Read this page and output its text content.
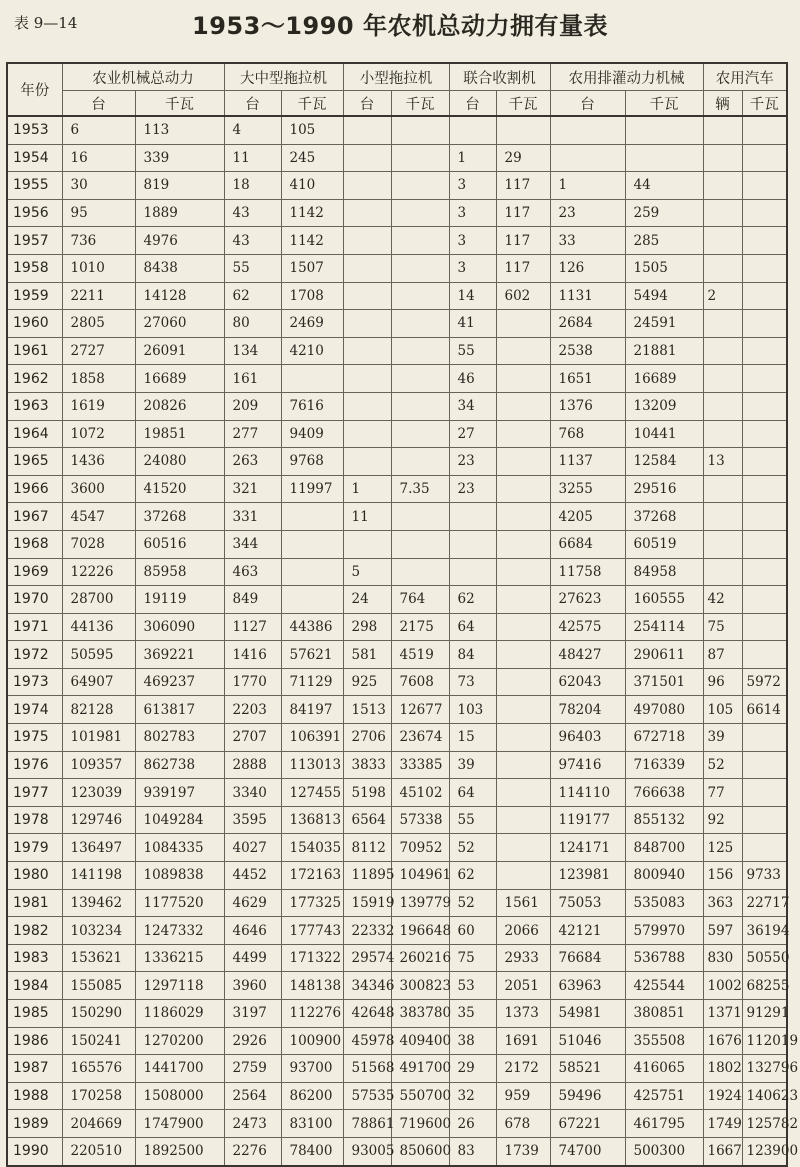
表 9—14	1953～1990 年农机总动力拥有量表
年份	农业机械总动力		大中型拖拉机		小型拖拉机		联合收割机		农用排灌动力机械		农用汽车	
	台	千瓦	台	千瓦	台	千瓦	台	千瓦	台	千瓦	辆	千瓦
1953	6	113	4	105								
1954	16	339	11	245			1	29				
1955	30	819	18	410			3	117	1	44		
1956	95	1889	43	1142			3	117	23	259		
1957	736	4976	43	1142			3	117	33	285		
1958	1010	8438	55	1507			3	117	126	1505		
1959	2211	14128	62	1708			14	602	1131	5494	2	
1960	2805	27060	80	2469			41		2684	24591		
1961	2727	26091	134	4210			55		2538	21881		
1962	1858	16689	161				46		1651	16689		
1963	1619	20826	209	7616			34		1376	13209		
1964	1072	19851	277	9409			27		768	10441		
1965	1436	24080	263	9768			23		1137	12584	13	
1966	3600	41520	321	11997	1	7.35	23		3255	29516		
1967	4547	37268	331		11				4205	37268		
1968	7028	60516	344						6684	60519		
1969	12226	85958	463		5				11758	84958		
1970	28700	19119	849		24	764	62		27623	160555	42	
1971	44136	306090	1127	44386	298	2175	64		42575	254114	75	
1972	50595	369221	1416	57621	581	4519	84		48427	290611	87	
1973	64907	469237	1770	71129	925	7608	73		62043	371501	96	5972
1974	82128	613817	2203	84197	1513	12677	103		78204	497080	105	6614
1975	101981	802783	2707	106391	2706	23674	15		96403	672718	39	
1976	109357	862738	2888	113013	3833	33385	39		97416	716339	52	
1977	123039	939197	3340	127455	5198	45102	64		114110	766638	77	
1978	129746	1049284	3595	136813	6564	57338	55		119177	855132	92	
1979	136497	1084335	4027	154035	8112	70952	52		124171	848700	125	
1980	141198	1089838	4452	172163	11895	104961	62		123981	800940	156	9733
1981	139462	1177520	4629	177325	15919	139779	52	1561	75053	535083	363	22717
1982	103234	1247332	4646	177743	22332	196648	60	2066	42121	579970	597	36194
1983	153621	1336215	4499	171322	29574	260216	75	2933	76684	536788	830	50550
1984	155085	1297118	3960	148138	34346	300823	53	2051	63963	425544	1002	68255
1985	150290	1186029	3197	112276	42648	383780	35	1373	54981	380851	1371	91291
1986	150241	1270200	2926	100900	45978	409400	38	1691	51046	355508	1676	112019
1987	165576	1441700	2759	93700	51568	491700	29	2172	58521	416065	1802	132796
1988	170258	1508000	2564	86200	57535	550700	32	959	59496	425751	1924	140623
1989	204669	1747900	2473	83100	78861	719600	26	678	67221	461795	1749	125782
1990	220510	1892500	2276	78400	93005	850600	83	1739	74700	500300	1667	123900
